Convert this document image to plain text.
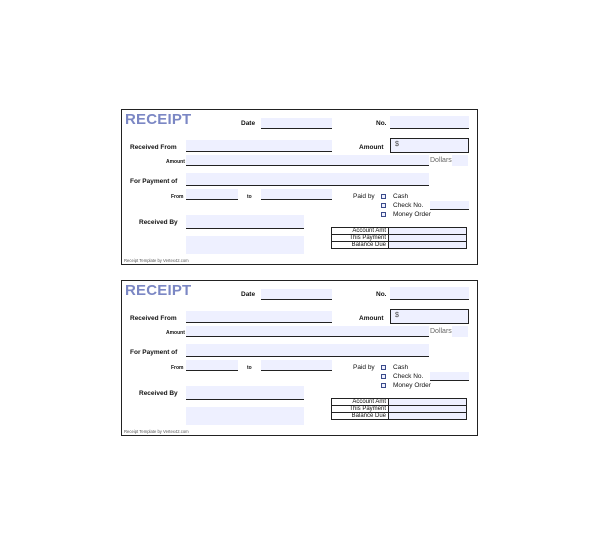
RECEIPT	Date	No.
Received From	Amount $
Amount	Dollars
For Payment of
From	to	Paid by	Cash
Check No.
Money Order
Received By
Account Amt	
This Payment	
Balance Due	
Receipt Template by Vertex42.com
RECEIPT	Date	No.
Received From	Amount $
Amount	Dollars
For Payment of
From	to	Paid by	Cash
Check No.
Money Order
Received By
Account Amt	
This Payment	
Balance Due	
Receipt Template by Vertex42.com
